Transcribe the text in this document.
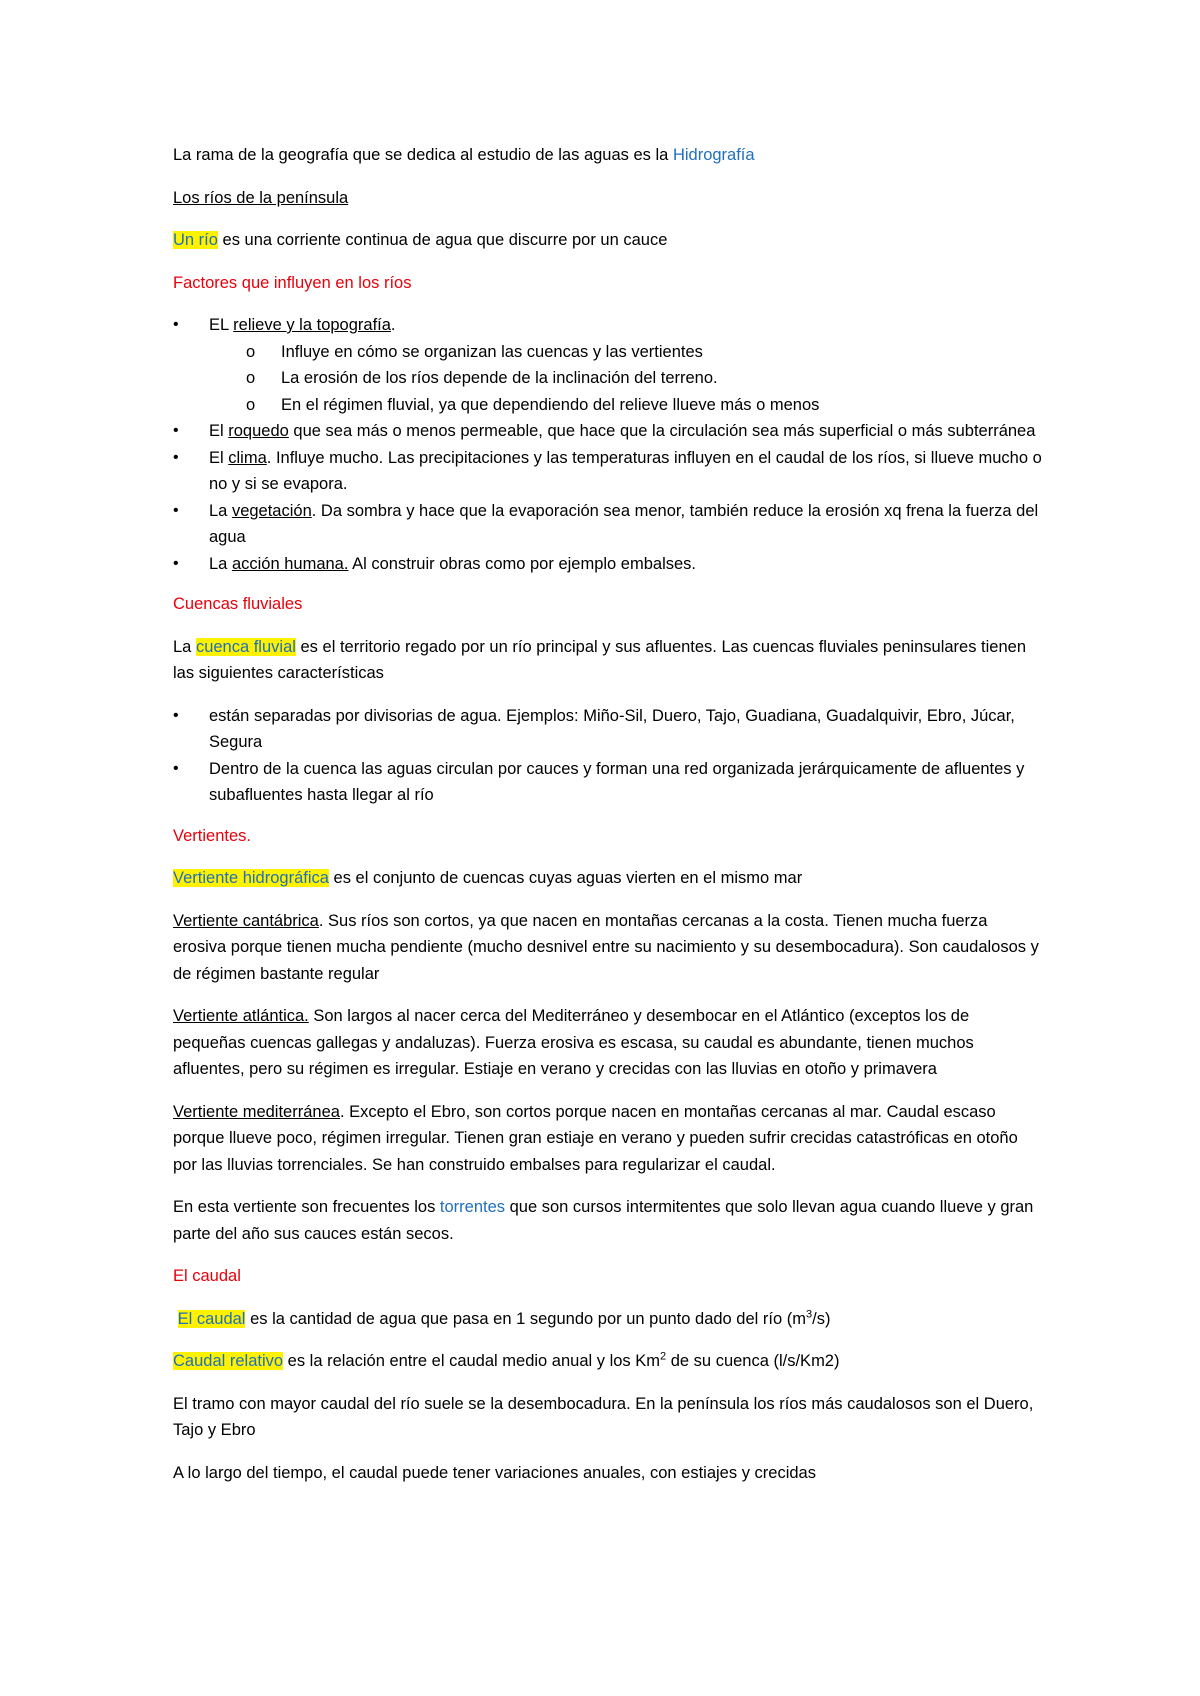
La rama de la geografía que se dedica al estudio de las aguas es la Hidrografía

Los ríos de la península

Un río es una corriente continua de agua que discurre por un cauce

Factores que influyen en los ríos

• EL relieve y la topografía.
o Influye en cómo se organizan las cuencas y las vertientes
o La erosión de los ríos depende de la inclinación del terreno.
o En el régimen fluvial, ya que dependiendo del relieve llueve más o menos
• El roquedo que sea más o menos permeable, que hace que la circulación sea más superficial o más subterránea
• El clima. Influye mucho. Las precipitaciones y las temperaturas influyen en el caudal de los ríos, si llueve mucho o no y si se evapora.
• La vegetación. Da sombra y hace que la evaporación sea menor, también reduce la erosión xq frena la fuerza del agua
• La acción humana. Al construir obras como por ejemplo embalses.

Cuencas fluviales

La cuenca fluvial es el territorio regado por un río principal y sus afluentes. Las cuencas fluviales peninsulares tienen las siguientes características

• están separadas por divisorias de agua. Ejemplos: Miño-Sil, Duero, Tajo, Guadiana, Guadalquivir, Ebro, Júcar, Segura
• Dentro de la cuenca las aguas circulan por cauces y forman una red organizada jerárquicamente de afluentes y subafluentes hasta llegar al río

Vertientes.

Vertiente hidrográfica es el conjunto de cuencas cuyas aguas vierten en el mismo mar

Vertiente cantábrica. Sus ríos son cortos, ya que nacen en montañas cercanas a la costa. Tienen mucha fuerza erosiva porque tienen mucha pendiente (mucho desnivel entre su nacimiento y su desembocadura). Son caudalosos y de régimen bastante regular

Vertiente atlántica. Son largos al nacer cerca del Mediterráneo y desembocar en el Atlántico (exceptos los de pequeñas cuencas gallegas y andaluzas). Fuerza erosiva es escasa, su caudal es abundante, tienen muchos afluentes, pero su régimen es irregular. Estiaje en verano y crecidas con las lluvias en otoño y primavera

Vertiente mediterránea. Excepto el Ebro, son cortos porque nacen en montañas cercanas al mar. Caudal escaso porque llueve poco, régimen irregular. Tienen gran estiaje en verano y pueden sufrir crecidas catastróficas en otoño por las lluvias torrenciales. Se han construido embalses para regularizar el caudal.

En esta vertiente son frecuentes los torrentes que son cursos intermitentes que solo llevan agua cuando llueve y gran parte del año sus cauces están secos.

El caudal

El caudal es la cantidad de agua que pasa en 1 segundo por un punto dado del río $(m^3/s)$

Caudal relativo es la relación entre el caudal medio anual y los Km$^2$ de su cuenca (l/s/Km2)

El tramo con mayor caudal del río suele se la desembocadura. En la península los ríos más caudalosos son el Duero, Tajo y Ebro

A lo largo del tiempo, el caudal puede tener variaciones anuales, con estiajes y crecidas
